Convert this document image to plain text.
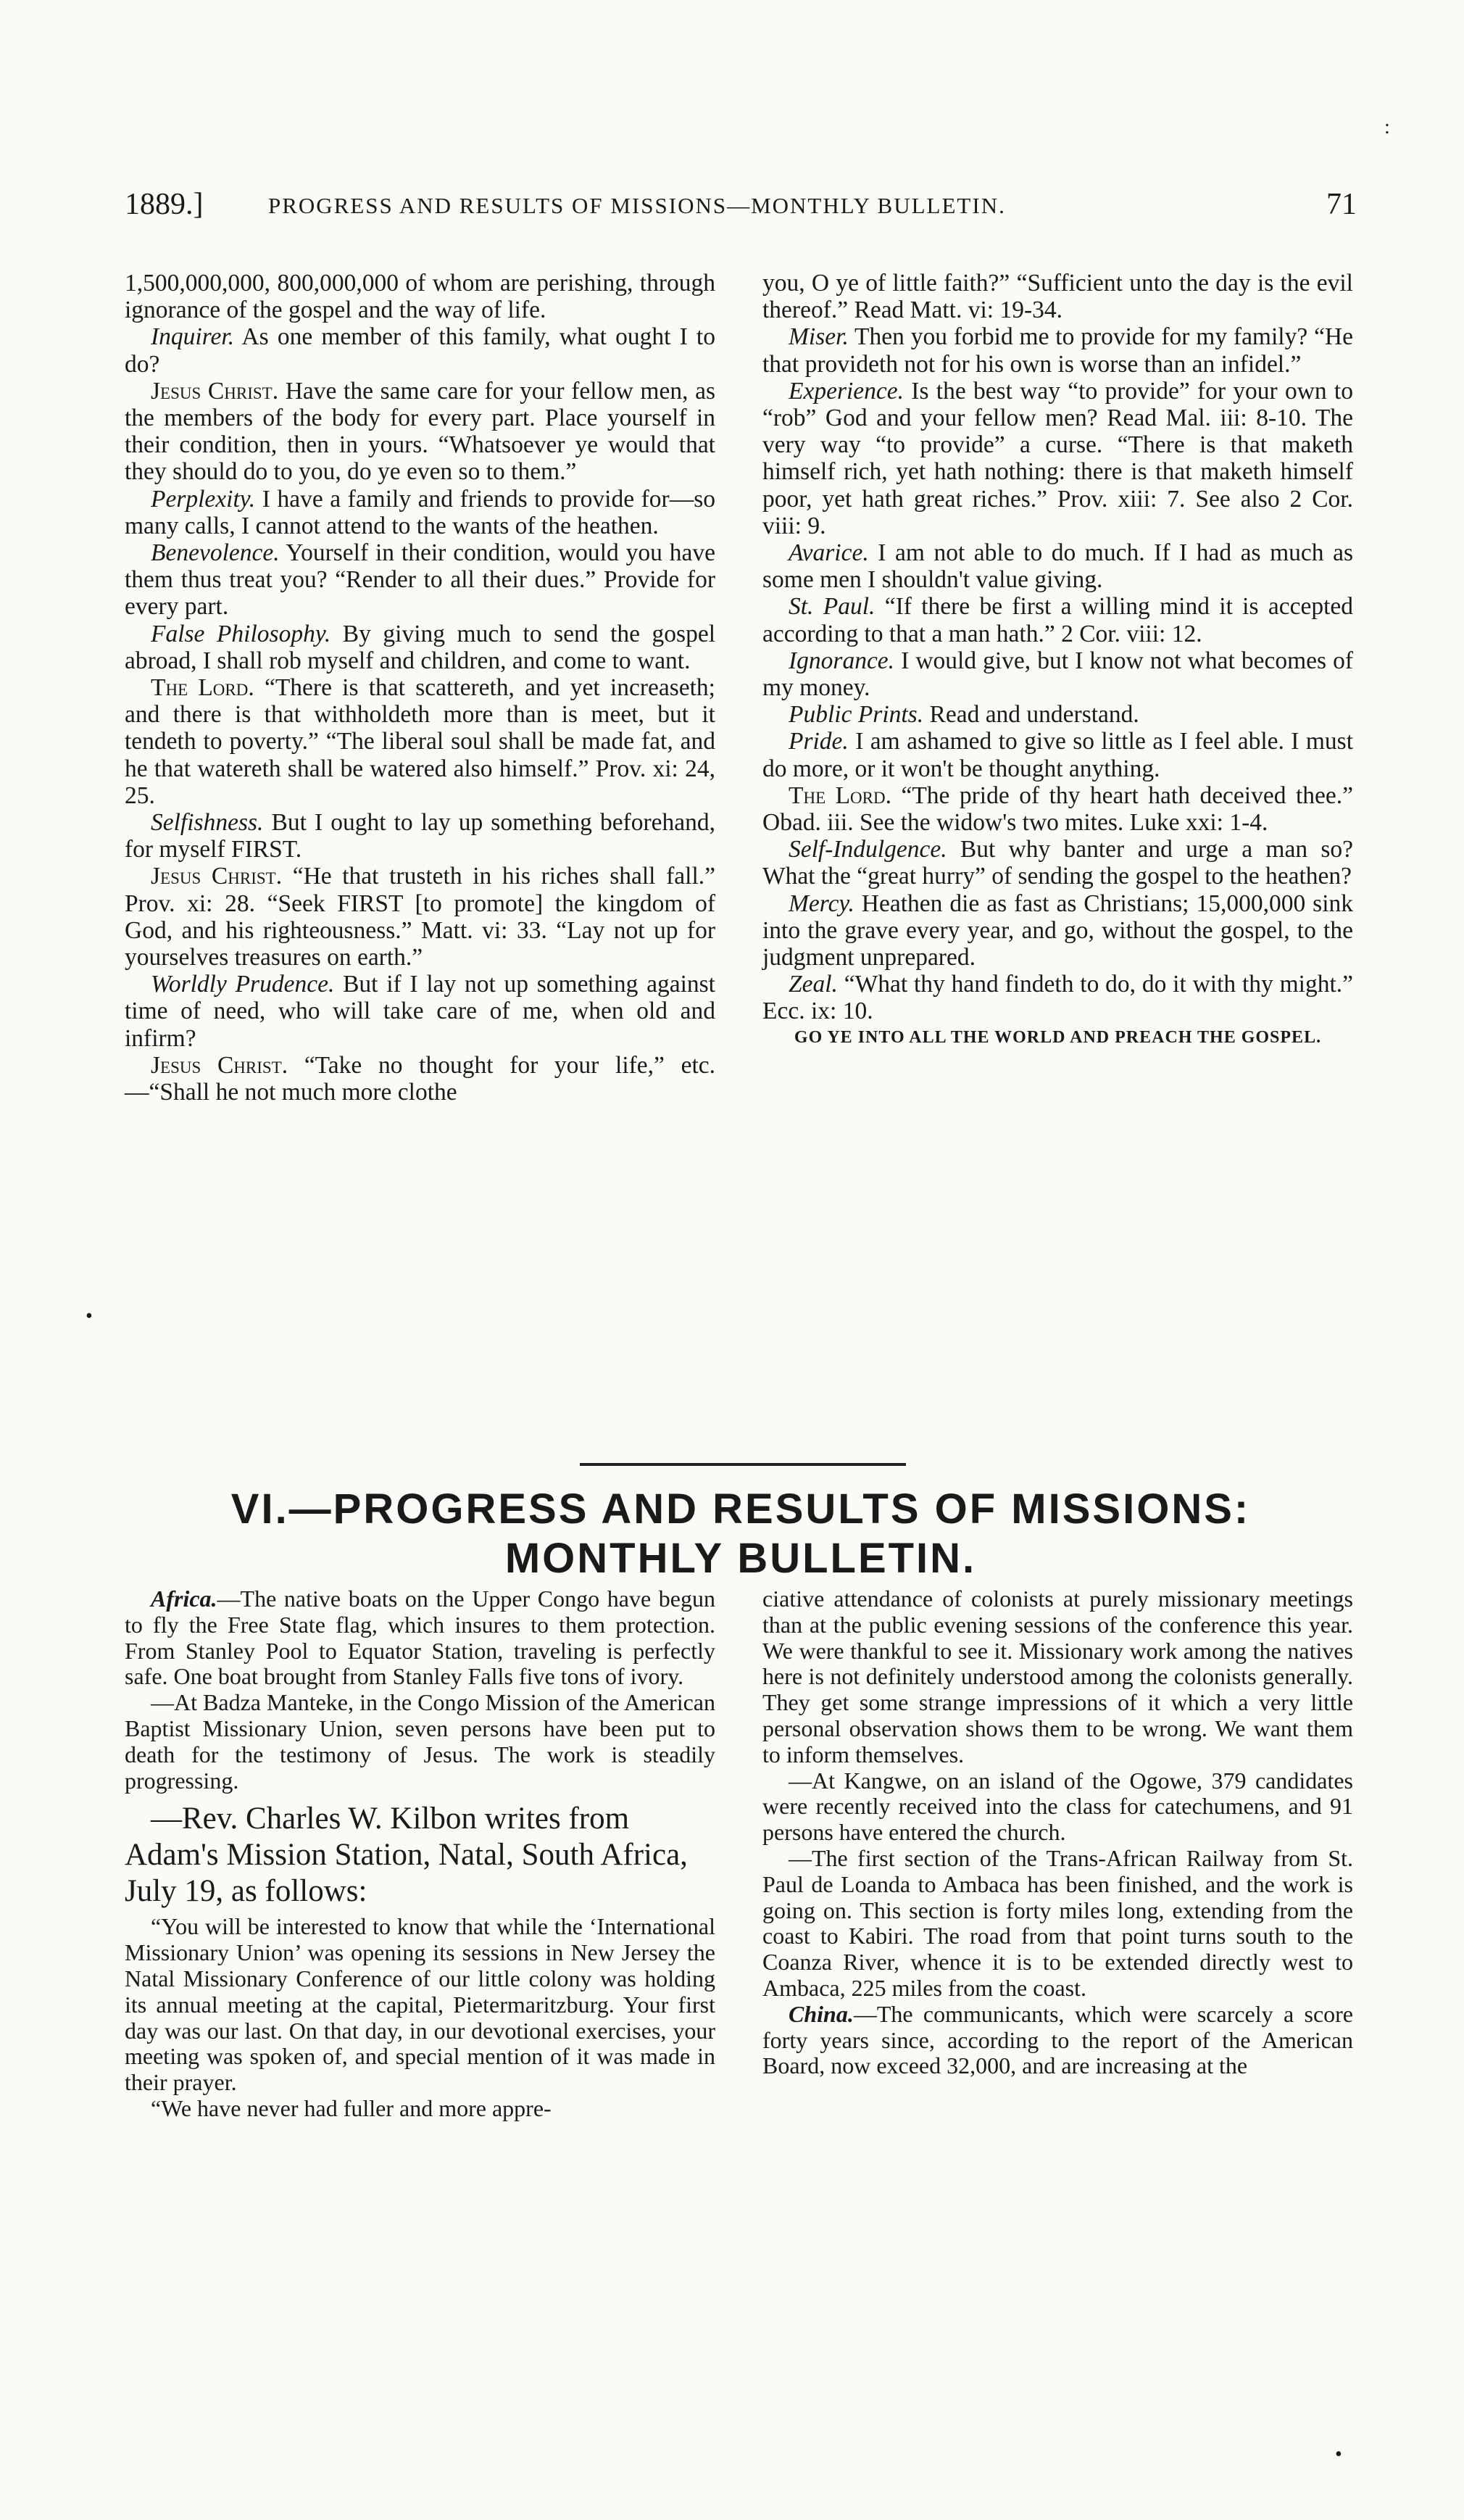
1889.]	PROGRESS AND RESULTS OF MISSIONS—MONTHLY BULLETIN.	71
:
•
•

1,500,000,000, 800,000,000 of whom are perishing, through ignorance of the gospel and the way of life.

Inquirer. As one member of this family, what ought I to do?

Jesus Christ. Have the same care for your fellow men, as the members of the body for every part. Place yourself in their condition, then in yours. “Whatsoever ye would that they should do to you, do ye even so to them.”

Perplexity. I have a family and friends to provide for—so many calls, I cannot attend to the wants of the heathen.

Benevolence. Yourself in their condition, would you have them thus treat you? “Render to all their dues.” Provide for every part.

False Philosophy. By giving much to send the gospel abroad, I shall rob myself and children, and come to want.

The Lord. “There is that scattereth, and yet increaseth; and there is that withholdeth more than is meet, but it tendeth to poverty.” “The liberal soul shall be made fat, and he that watereth shall be watered also himself.” Prov. xi: 24, 25.

Selfishness. But I ought to lay up something beforehand, for myself FIRST.

Jesus Christ. “He that trusteth in his riches shall fall.” Prov. xi: 28. “Seek FIRST [to promote] the kingdom of God, and his righteousness.” Matt. vi: 33. “Lay not up for yourselves treasures on earth.”

Worldly Prudence. But if I lay not up something against time of need, who will take care of me, when old and infirm?

Jesus Christ. “Take no thought for your life,” etc.—“Shall he not much more clothe

you, O ye of little faith?” “Sufficient unto the day is the evil thereof.” Read Matt. vi: 19-34.

Miser. Then you forbid me to provide for my family? “He that provideth not for his own is worse than an infidel.”

Experience. Is the best way “to provide” for your own to “rob” God and your fellow men? Read Mal. iii: 8-10. The very way “to provide” a curse. “There is that maketh himself rich, yet hath nothing: there is that maketh himself poor, yet hath great riches.” Prov. xiii: 7. See also 2 Cor. viii: 9.

Avarice. I am not able to do much. If I had as much as some men I shouldn't value giving.

St. Paul. “If there be first a willing mind it is accepted according to that a man hath.” 2 Cor. viii: 12.

Ignorance. I would give, but I know not what becomes of my money.

Public Prints. Read and understand.

Pride. I am ashamed to give so little as I feel able. I must do more, or it won't be thought anything.

The Lord. “The pride of thy heart hath deceived thee.” Obad. iii. See the widow's two mites. Luke xxi: 1-4.

Self-Indulgence. But why banter and urge a man so? What the “great hurry” of sending the gospel to the heathen?

Mercy. Heathen die as fast as Christians; 15,000,000 sink into the grave every year, and go, without the gospel, to the judgment unprepared.

Zeal. “What thy hand findeth to do, do it with thy might.” Ecc. ix: 10.

GO YE INTO ALL THE WORLD AND PREACH THE GOSPEL.

VI.—PROGRESS AND RESULTS OF MISSIONS:
MONTHLY BULLETIN.

Africa.—The native boats on the Upper Congo have begun to fly the Free State flag, which insures to them protection. From Stanley Pool to Equator Station, traveling is perfectly safe. One boat brought from Stanley Falls five tons of ivory.

—At Badza Manteke, in the Congo Mission of the American Baptist Missionary Union, seven persons have been put to death for the testimony of Jesus. The work is steadily progressing.

—Rev. Charles W. Kilbon writes from Adam's Mission Station, Natal, South Africa, July 19, as follows:

“You will be interested to know that while the ‘International Missionary Union’ was opening its sessions in New Jersey the Natal Missionary Conference of our little colony was holding its annual meeting at the capital, Pietermaritzburg. Your first day was our last. On that day, in our devotional exercises, your meeting was spoken of, and special mention of it was made in their prayer.

“We have never had fuller and more appre-

ciative attendance of colonists at purely missionary meetings than at the public evening sessions of the conference this year. We were thankful to see it. Missionary work among the natives here is not definitely understood among the colonists generally. They get some strange impressions of it which a very little personal observation shows them to be wrong. We want them to inform themselves.

—At Kangwe, on an island of the Ogowe, 379 candidates were recently received into the class for catechumens, and 91 persons have entered the church.

—The first section of the Trans-African Railway from St. Paul de Loanda to Ambaca has been finished, and the work is going on. This section is forty miles long, extending from the coast to Kabiri. The road from that point turns south to the Coanza River, whence it is to be extended directly west to Ambaca, 225 miles from the coast.

China.—The communicants, which were scarcely a score forty years since, according to the report of the American Board, now exceed 32,000, and are increasing at the
